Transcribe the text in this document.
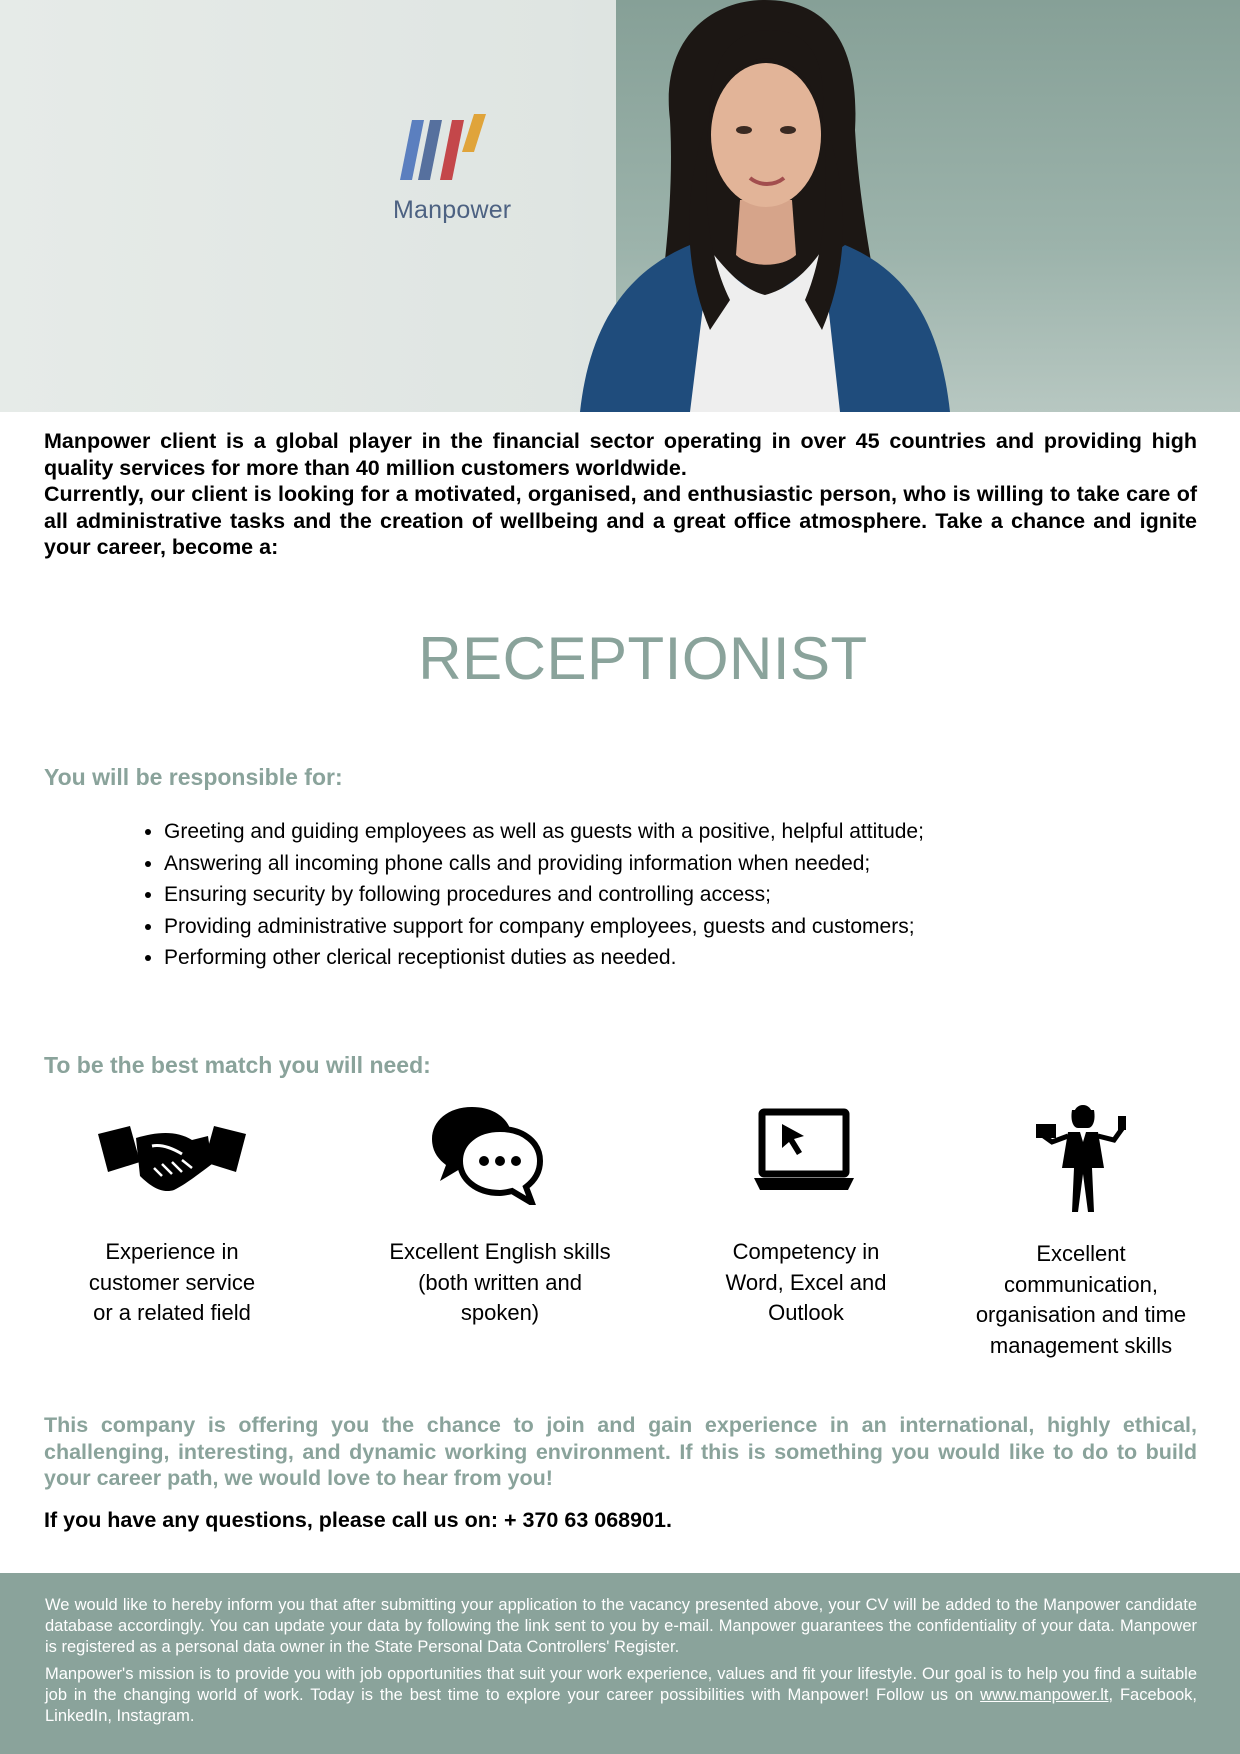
Manpower

Manpower client is a global player in the financial sector operating in over 45 countries and providing high quality services for more than 40 million customers worldwide.

Currently, our client is looking for a motivated, organised, and enthusiastic person, who is willing to take care of all administrative tasks and the creation of wellbeing and a great office atmosphere. Take a chance and ignite your career, become a:

RECEPTIONIST
You will be responsible for:
• Greeting and guiding employees as well as guests with a positive, helpful attitude;
• Answering all incoming phone calls and providing information when needed;
• Ensuring security by following procedures and controlling access;
• Providing administrative support for company employees, guests and customers;
• Performing other clerical receptionist duties as needed.
To be the best match you will need:
Experience in
customer service
or a related field
Excellent English skills
(both written and
spoken)
Competency in
Word, Excel and
Outlook
Excellent
communication,
organisation and time
management skills
This company is offering you the chance to join and gain experience in an international, highly ethical, challenging, interesting, and dynamic working environment. If this is something you would like to do to build your career path, we would love to hear from you!
If you have any questions, please call us on: + 370 63 068901.

We would like to hereby inform you that after submitting your application to the vacancy presented above, your CV will be added to the Manpower candidate database accordingly. You can update your data by following the link sent to you by e-mail. Manpower guarantees the confidentiality of your data. Manpower is registered as a personal data owner in the State Personal Data Controllers' Register.

Manpower's mission is to provide you with job opportunities that suit your work experience, values and fit your lifestyle. Our goal is to help you find a suitable job in the changing world of work. Today is the best time to explore your career possibilities with Manpower! Follow us on www.manpower.lt, Facebook, LinkedIn, Instagram.
